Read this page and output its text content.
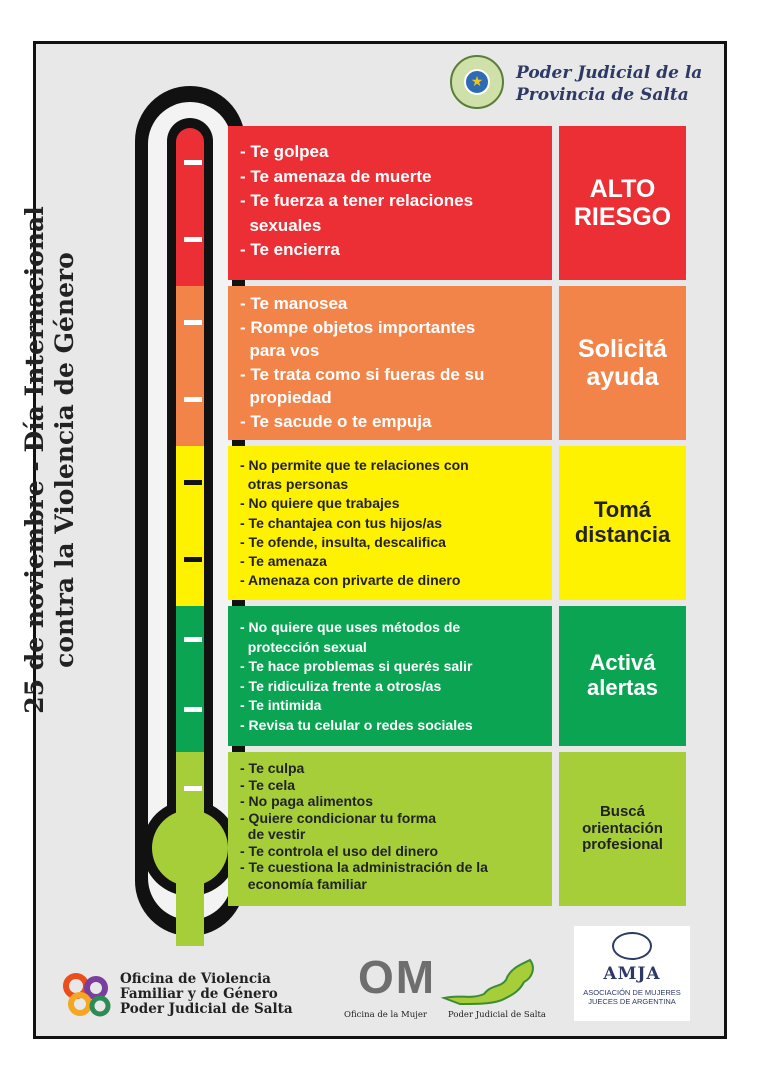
★ Poder Judicial de la
Provincia de Salta
25 de noviembre - Día Internacional contra la Violencia de Género
- Te golpea
- Te amenaza de muerte
- Te fuerza a tener relaciones
sexuales
- Te encierra
ALTO
RIESGO
- Te manosea
- Rompe objetos importantes
para vos
- Te trata como si fueras de su
propiedad
- Te sacude o te empuja
Solicitá
ayuda
- No permite que te relaciones con
otras personas
- No quiere que trabajes
- Te chantajea con tus hijos/as
- Te ofende, insulta, descalifica
- Te amenaza
- Amenaza con privarte de dinero
Tomá
distancia
- No quiere que uses métodos de
protección sexual
- Te hace problemas si querés salir
- Te ridiculiza frente a otros/as
- Te intimida
- Revisa tu celular o redes sociales
Activá
alertas
- Te culpa
- Te cela
- No paga alimentos
- Quiere condicionar tu forma
de vestir
- Te controla el uso del dinero
- Te cuestiona la administración de la
economía familiar
Buscá
orientación
profesional
Oficina de Violencia
Familiar y de Género
Poder Judicial de Salta
OM
Oficina de la Mujer Poder Judicial de Salta
AMJA
ASOCIACIÓN DE MUJERES
JUECES DE ARGENTINA
